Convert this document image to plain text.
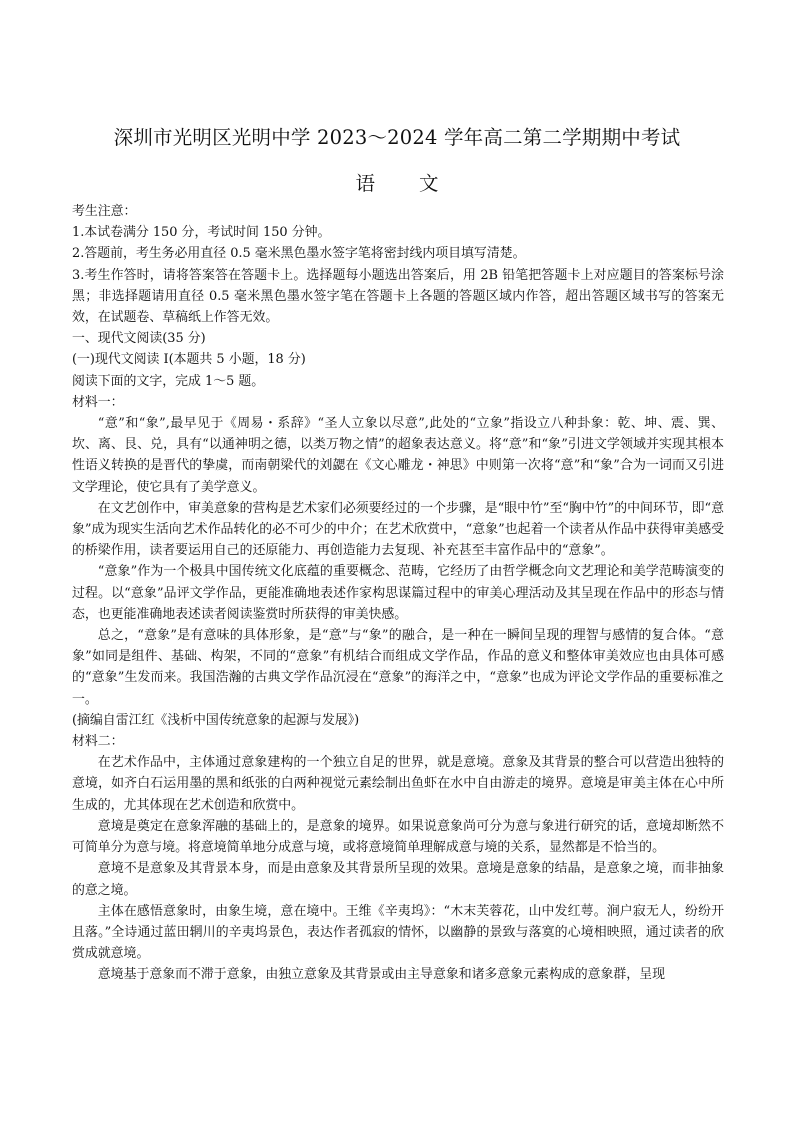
深圳市光明区光明中学 2023～2024 学年高二第二学期期中考试
语 文

考生注意：

1.本试卷满分 150 分，考试时间 150 分钟。

2.答题前，考生务必用直径 0.5 毫米黑色墨水签字笔将密封线内项目填写清楚。

3.考生作答时，请将答案答在答题卡上。选择题每小题选出答案后，用 2B 铅笔把答题卡上对应题目的答案标号涂黑；非选择题请用直径 0.5 毫米黑色墨水签字笔在答题卡上各题的答题区域内作答，超出答题区域书写的答案无效，在试题卷、草稿纸上作答无效。

一、现代文阅读(35 分)

(一)现代文阅读 I(本题共 5 小题，18 分)

阅读下面的文字，完成 1～5 题。

材料一：

“意”和“象”,最早见于《周易・系辞》“圣人立象以尽意”,此处的“立象”指设立八种卦象：乾、坤、震、巽、坎、离、艮、兑，具有“以通神明之德，以类万物之情”的超象表达意义。将“意”和“象”引进文学领域并实现其根本性语义转换的是晋代的挚虞，而南朝梁代的刘勰在《文心雕龙・神思》中则第一次将“意”和“象”合为一词而又引进文学理论，使它具有了美学意义。

在文艺创作中，审美意象的营构是艺术家们必须要经过的一个步骤，是“眼中竹”至“胸中竹”的中间环节，即“意象”成为现实生活向艺术作品转化的必不可少的中介；在艺术欣赏中，“意象”也起着一个读者从作品中获得审美感受的桥梁作用，读者要运用自己的还原能力、再创造能力去复现、补充甚至丰富作品中的“意象”。

“意象”作为一个极具中国传统文化底蕴的重要概念、范畴，它经历了由哲学概念向文艺理论和美学范畴演变的过程。以“意象”品评文学作品，更能准确地表述作家构思谋篇过程中的审美心理活动及其呈现在作品中的形态与情态，也更能准确地表述读者阅读鉴赏时所获得的审美快感。

总之，“意象”是有意味的具体形象，是“意”与“象”的融合，是一种在一瞬间呈现的理智与感情的复合体。“意象”如同是组件、基础、构架，不同的“意象”有机结合而组成文学作品，作品的意义和整体审美效应也由具体可感的“意象”生发而来。我国浩瀚的古典文学作品沉浸在“意象”的海洋之中，“意象”也成为评论文学作品的重要标准之一。

(摘编自雷江红《浅析中国传统意象的起源与发展》)

材料二：

在艺术作品中，主体通过意象建构的一个独立自足的世界，就是意境。意象及其背景的整合可以营造出独特的意境，如齐白石运用墨的黑和纸张的白两种视觉元素绘制出鱼虾在水中自由游走的境界。意境是审美主体在心中所生成的，尤其体现在艺术创造和欣赏中。

意境是奠定在意象浑融的基础上的，是意象的境界。如果说意象尚可分为意与象进行研究的话，意境却断然不可简单分为意与境。将意境简单地分成意与境，或将意境简单理解成意与境的关系，显然都是不恰当的。

意境不是意象及其背景本身，而是由意象及其背景所呈现的效果。意境是意象的结晶，是意象之境，而非抽象的意之境。

主体在感悟意象时，由象生境，意在境中。王维《辛夷坞》：“木末芙蓉花，山中发红萼。涧户寂无人，纷纷开且落。”全诗通过蓝田辋川的辛夷坞景色，表达作者孤寂的情怀，以幽静的景致与落寞的心境相映照，通过读者的欣赏成就意境。

意境基于意象而不滞于意象，由独立意象及其背景或由主导意象和诸多意象元素构成的意象群，呈现
